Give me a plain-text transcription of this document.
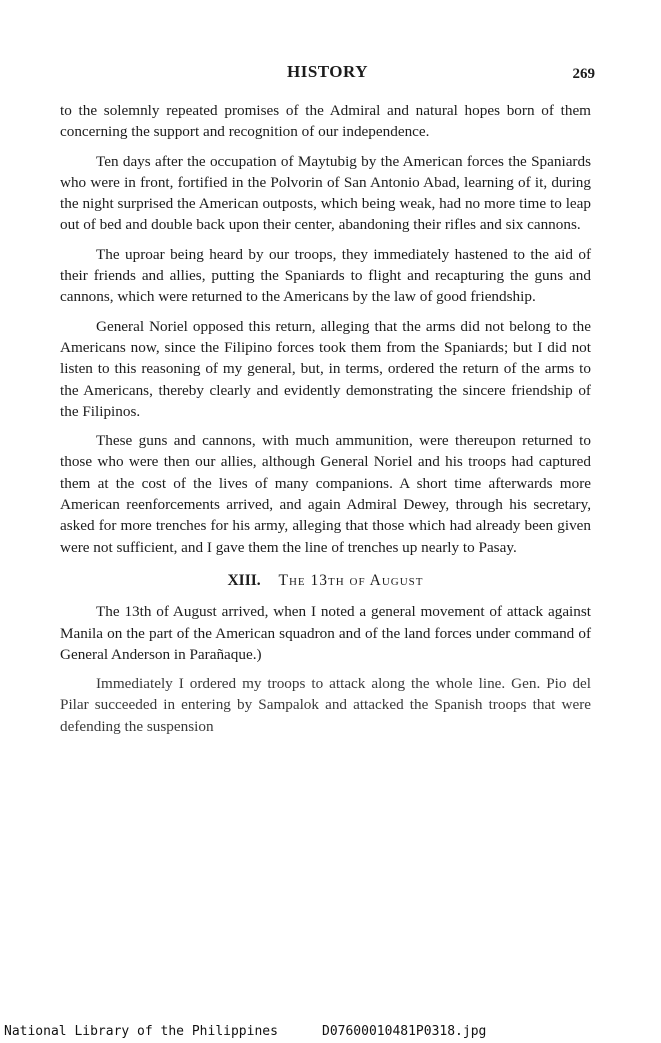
HISTORY	269

to the solemnly repeated promises of the Admiral and natural hopes born of them concerning the support and recognition of our independence.

Ten days after the occupation of Maytubig by the American forces the Spaniards who were in front, fortified in the Polvorin of San Antonio Abad, learning of it, during the night surprised the American outposts, which being weak, had no more time to leap out of bed and double back upon their center, abandoning their rifles and six cannons.

The uproar being heard by our troops, they immediately hastened to the aid of their friends and allies, putting the Spaniards to flight and recapturing the guns and cannons, which were returned to the Americans by the law of good friendship.

General Noriel opposed this return, alleging that the arms did not belong to the Americans now, since the Filipino forces took them from the Spaniards; but I did not listen to this reasoning of my general, but, in terms, ordered the return of the arms to the Americans, thereby clearly and evidently demonstrating the sincere friendship of the Filipinos.

These guns and cannons, with much ammunition, were thereupon returned to those who were then our allies, although General Noriel and his troops had captured them at the cost of the lives of many companions. A short time afterwards more American reenforcements arrived, and again Admiral Dewey, through his secretary, asked for more trenches for his army, alleging that those which had already been given were not sufficient, and I gave them the line of trenches up nearly to Pasay.

XIII. The 13th of August

The 13th of August arrived, when I noted a general movement of attack against Manila on the part of the American squadron and of the land forces under command of General Anderson in Parañaque.)

Immediately I ordered my troops to attack along the whole line. Gen. Pio del Pilar succeeded in entering by Sampalok and attacked the Spanish troops that were defending the suspension

National Library of the Philippines	D07600010481P0318.jpg
